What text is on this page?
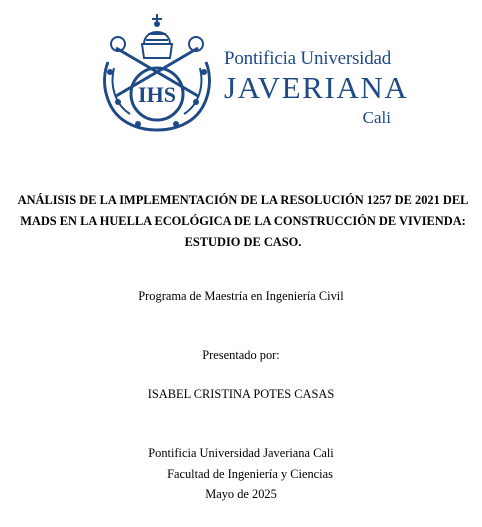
IHS
Pontificia Universidad
JAVERIANA
Cali
ANÁLISIS DE LA IMPLEMENTACIÓN DE LA RESOLUCIÓN 1257 DE 2021 DEL
MADS EN LA HUELLA ECOLÓGICA DE LA CONSTRUCCIÓN DE VIVIENDA:
ESTUDIO DE CASO.
Programa de Maestría en Ingeniería Civil
Presentado por:
ISABEL CRISTINA POTES CASAS
Pontificia Universidad Javeriana Cali
Facultad de Ingeniería y Ciencias
Mayo de 2025
